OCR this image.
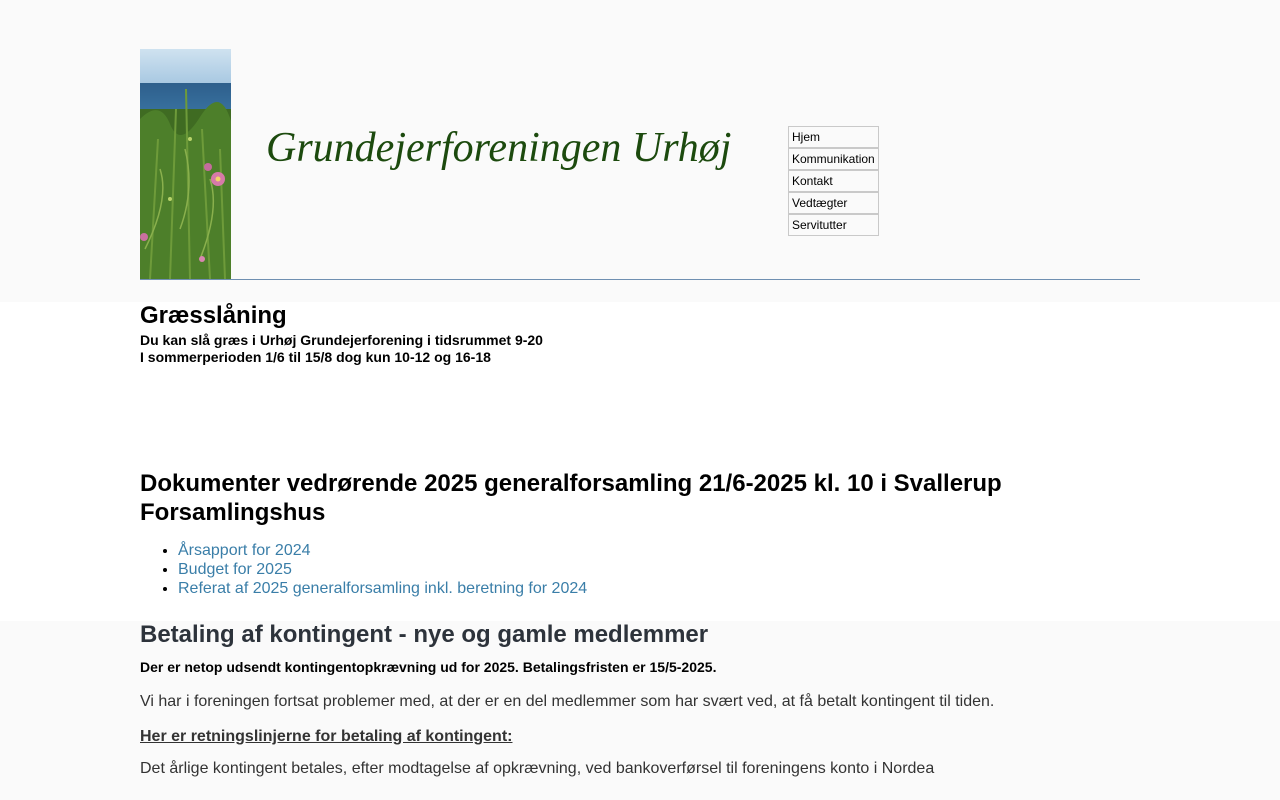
Grundejerforeningen Urhøj	Hjem
Kommunikation
Kontakt
Vedtægter
Servitutter
Græsslåning

Du kan slå græs i Urhøj Grundejerforening i tidsrummet 9-20

I sommerperioden 1/6 til 15/8 dog kun 10-12 og 16-18

Dokumenter vedrørende 2025 generalforsamling 21/6-2025 kl. 10 i Svallerup Forsamlingshus
• Årsapport for 2024
• Budget for 2025
• Referat af 2025 generalforsamling inkl. beretning for 2024
Betaling af kontingent - nye og gamle medlemmer

Der er netop udsendt kontingentopkrævning ud for 2025. Betalingsfristen er 15/5-2025.

Vi har i foreningen fortsat problemer med, at der er en del medlemmer som har svært ved, at få betalt kontingent til tiden.

Her er retningslinjerne for betaling af kontingent:

Det årlige kontingent betales, efter modtagelse af opkrævning, ved bankoverførsel til foreningens konto i Nordea
